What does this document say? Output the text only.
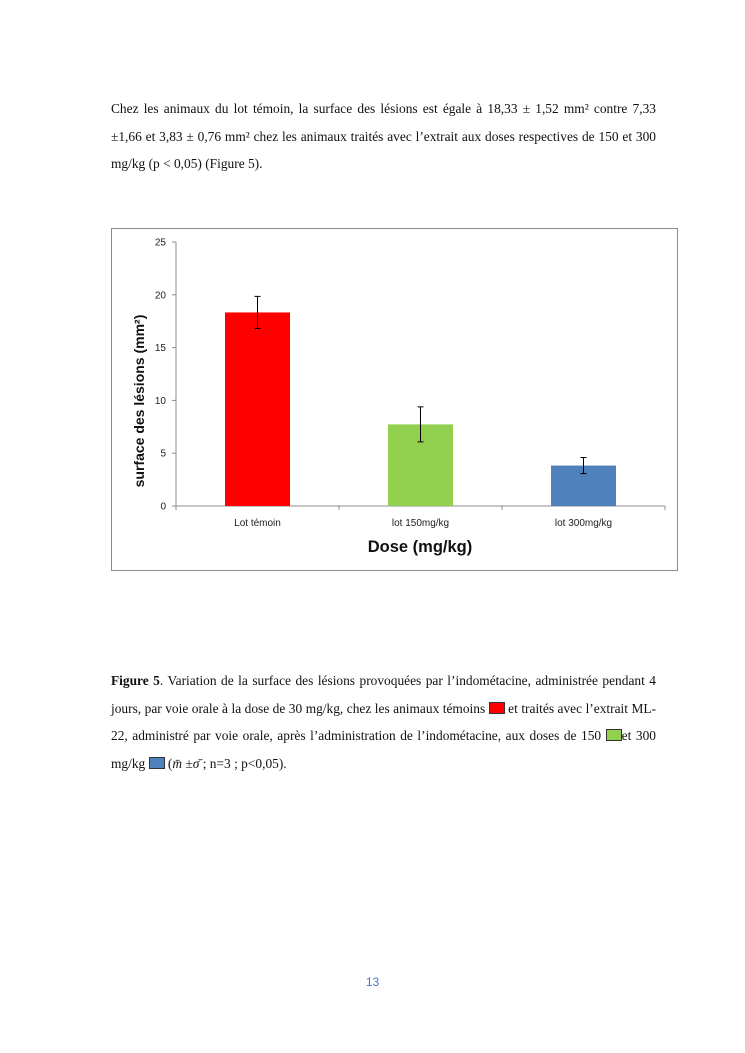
Chez les animaux du lot témoin, la surface des lésions est égale à 18,33 ± 1,52 mm² contre 7,33 ±1,66 et 3,83 ± 0,76 mm² chez les animaux traités avec l’extrait aux doses respectives de 150 et 300 mg/kg (p < 0,05) (Figure 5).

0
5
10
15
20
25
Lot témoin	lot 150mg/kg	lot 300mg/kg
surface des lésions (mm²)
Dose (mg/kg)

Figure 5. Variation de la surface des lésions provoquées par l’indométacine, administrée pendant 4 jours, par voie orale à la dose de 30 mg/kg, chez les animaux témoins  et traités avec l’extrait ML-22, administré par voie orale, après l’administration de l’indométacine, aux doses de 150 et 300 mg/kg  (m̄ ±σ̄ ; n=3 ; p<0,05).

13
